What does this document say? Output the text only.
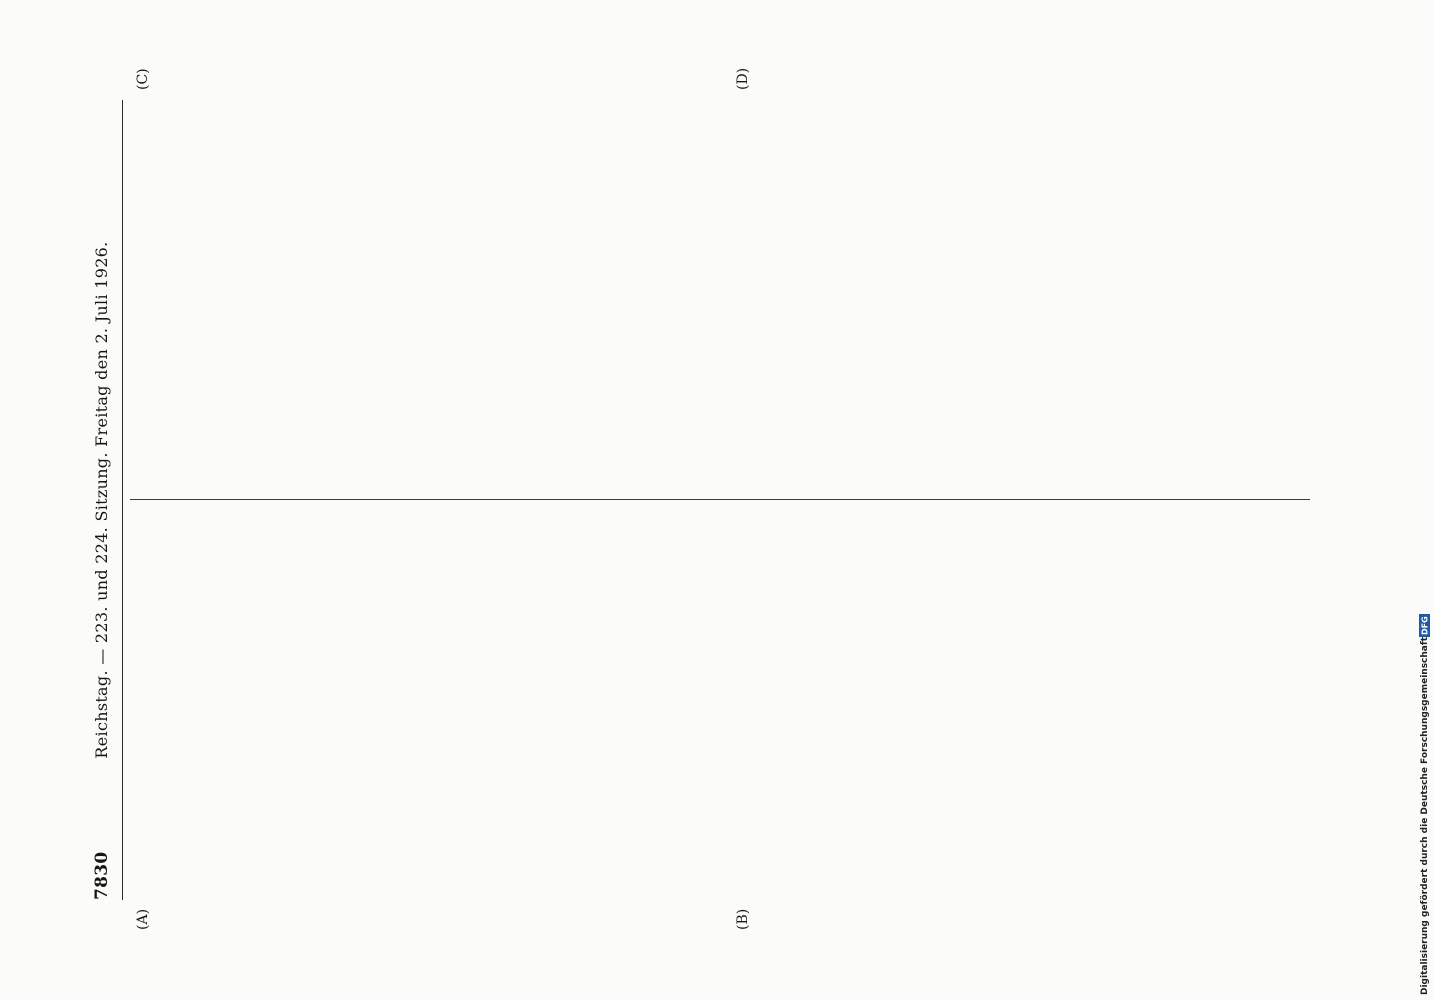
7830
Reichstag. — 223. und 224. Sitzung. Freitag den 2. Juli 1926.
(A)	(B)
(C)	(D)
Digitalisierung gefördert durch die Deutsche Forschungsgemeinschaft
DFG
